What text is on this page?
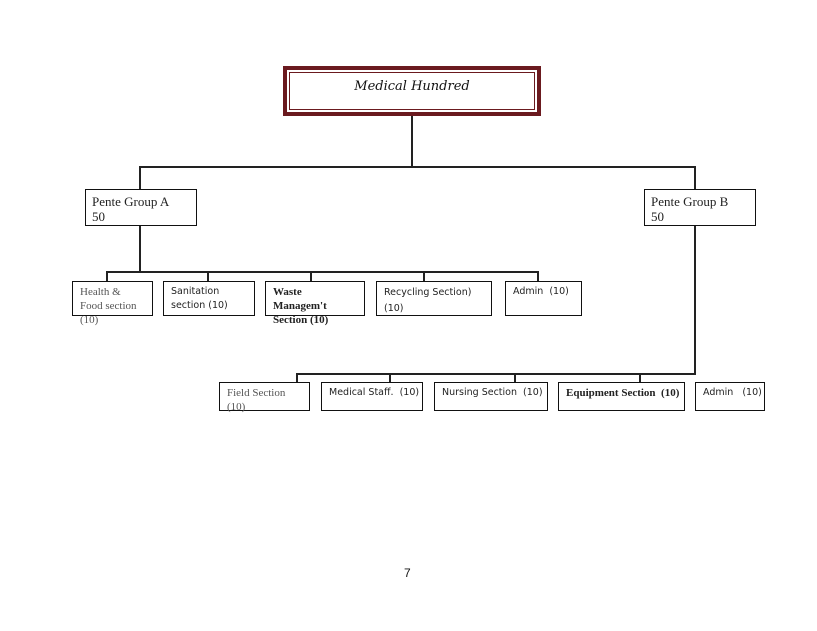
Medical Hundred
Pente Group A
50
Pente Group B
50
Health & Food section (10)
Sanitation section (10)
Waste Managem't Section (10)
Recycling Section) (10)
Admin  (10)
Field Section (10)
Medical Staff.  (10)	Nursing Section  (10)	Equipment Section  (10)	Admin   (10)
7
